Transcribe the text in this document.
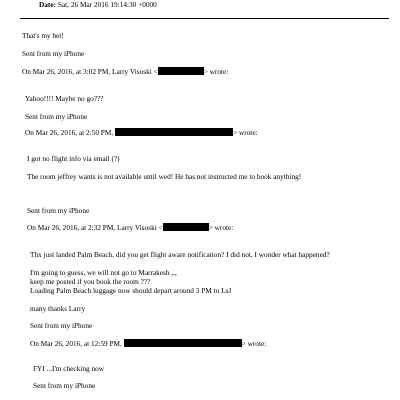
Date: Sat, 26 Mar 2016 19:14:30 +0000
That's my bet!
Sent from my iPhone
On Mar 26, 2016, at 3:02 PM, Larry Visoski <	> wrote:
Yahoo!!!! Maybe no go???
Sent from my iPhone
On Mar 26, 2016, at 2:50 PM,	> wrote:
I got no flight info via email (?)
The room jeffrey wants is not available until wed! He has not instructed me to book anything!
Sent from my iPhone
On Mar 26, 2016, at 2:32 PM, Larry Visoski <	> wrote:
Thx just landed Palm Beach, did you get flight aware notification? I did not, I wonder what happened?
I'm going to guess, we will not go to Marrakesh ,,,
keep me posted if you book the room ???
Loading Palm Beach luggage now should depart around 3 PM to LsJ
many thanks Larry
Sent from my iPhone
On Mar 26, 2016, at 12:59 PM,	> wrote:
FYI ...I'm checking now
Sent from my iPhone
